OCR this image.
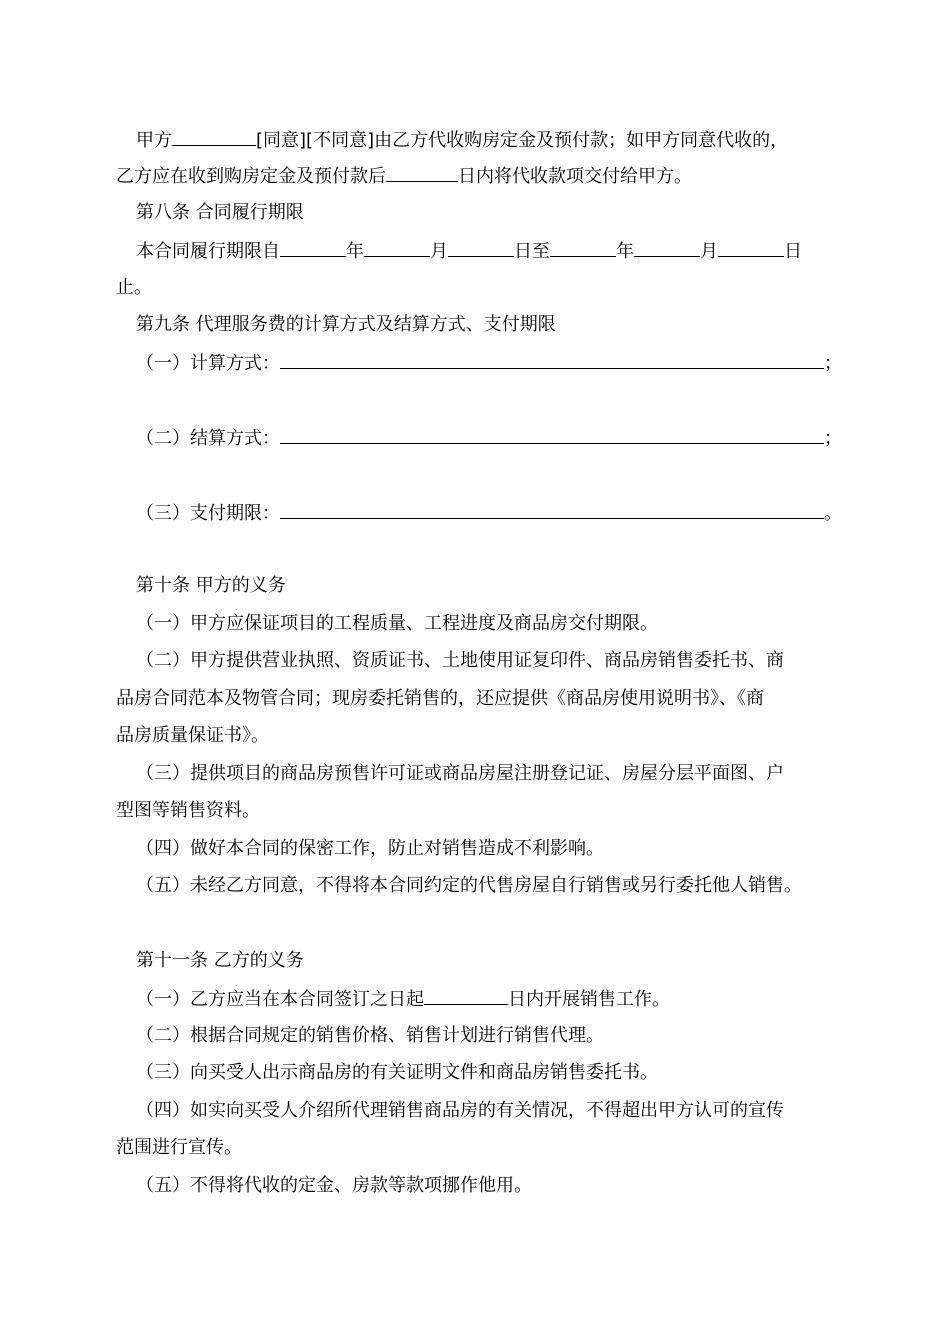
甲方	[同意][不同意]由乙方代收购房定金及预付款；如甲方同意代收的，
乙方应在收到购房定金及预付款后	日内将代收款项交付给甲方。
第八条 合同履行期限
本合同履行期限自	年	月	日至	年	月	日
止。
第九条 代理服务费的计算方式及结算方式、支付期限
（一）计算方式：	；
（二）结算方式：	；
（三）支付期限：	。
第十条 甲方的义务
（一）甲方应保证项目的工程质量、工程进度及商品房交付期限。
（二）甲方提供营业执照、资质证书、土地使用证复印件、商品房销售委托书、商
品房合同范本及物管合同；现房委托销售的，还应提供《商品房使用说明书》、《商
品房质量保证书》。
（三）提供项目的商品房预售许可证或商品房屋注册登记证、房屋分层平面图、户
型图等销售资料。
（四）做好本合同的保密工作，防止对销售造成不利影响。
（五）未经乙方同意，不得将本合同约定的代售房屋自行销售或另行委托他人销售。
第十一条 乙方的义务
（一）乙方应当在本合同签订之日起	日内开展销售工作。
（二）根据合同规定的销售价格、销售计划进行销售代理。
（三）向买受人出示商品房的有关证明文件和商品房销售委托书。
（四）如实向买受人介绍所代理销售商品房的有关情况，不得超出甲方认可的宣传
范围进行宣传。
（五）不得将代收的定金、房款等款项挪作他用。
